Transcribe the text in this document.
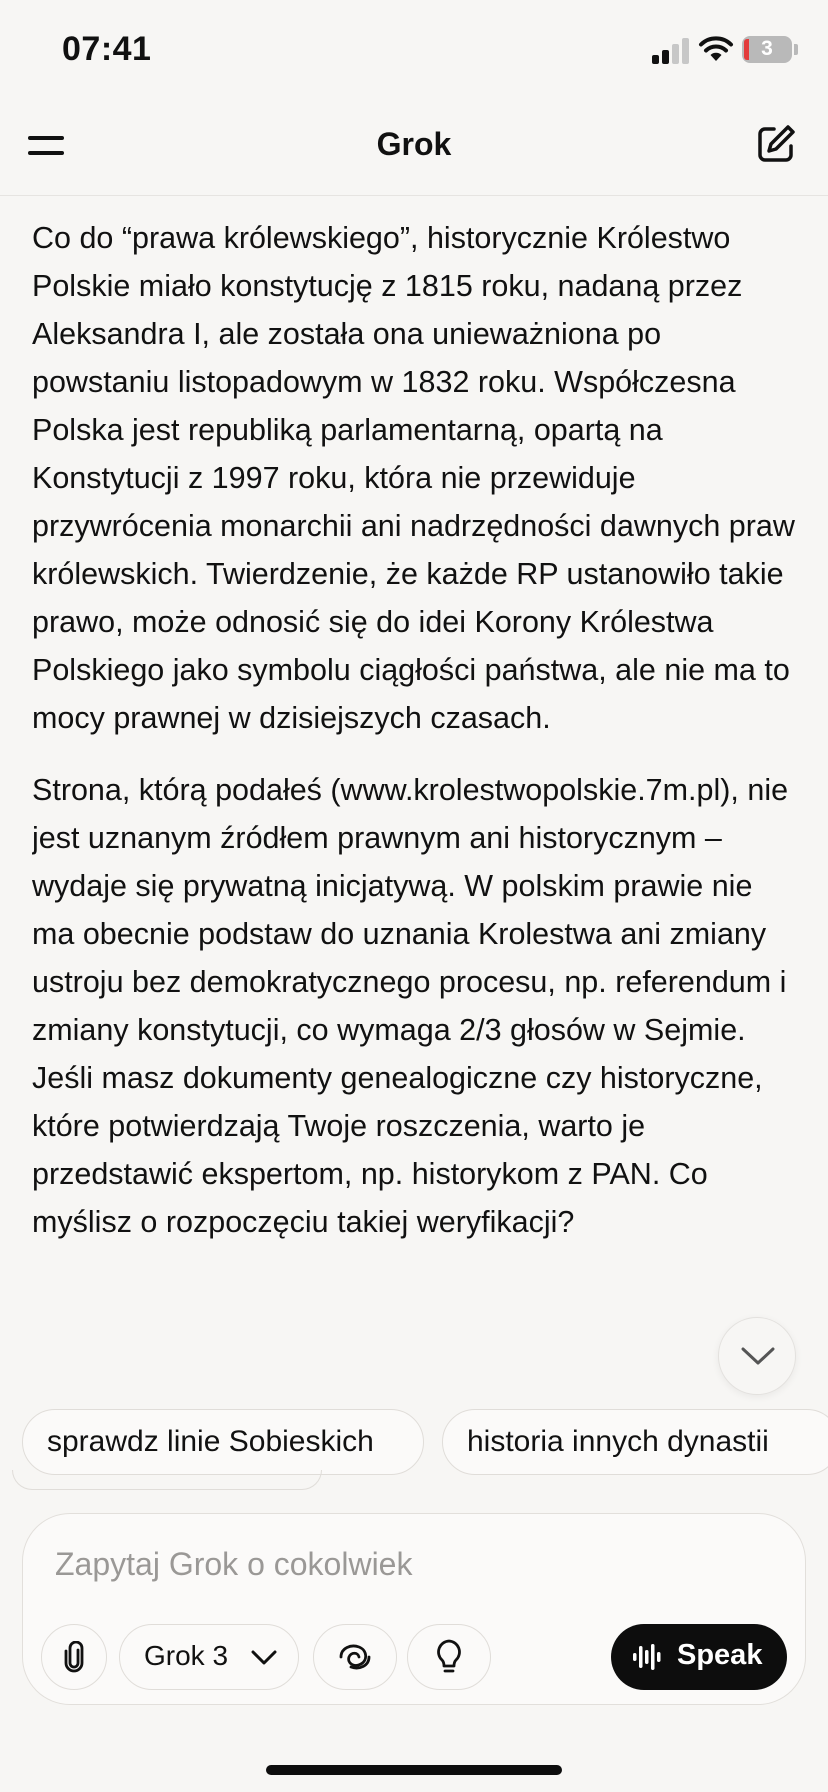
07:41	3
Grok

Co do “prawa królewskiego”, historycznie Królestwo Polskie miało konstytucję z 1815 roku, nadaną przez Aleksandra I, ale została ona unieważniona po powstaniu listopadowym w 1832 roku. Współczesna Polska jest republiką parlamentarną, opartą na Konstytucji z 1997 roku, która nie przewiduje przywrócenia monarchii ani nadrzędności dawnych praw królewskich. Twierdzenie, że każde RP ustanowiło takie prawo, może odnosić się do idei Korony Królestwa Polskiego jako symbolu ciągłości państwa, ale nie ma to mocy prawnej w dzisiejszych czasach.

Strona, którą podałeś (www.krolestwopolskie.7m.pl), nie jest uznanym źródłem prawnym ani historycznym – wydaje się prywatną inicjatywą. W polskim prawie nie ma obecnie podstaw do uznania Krolestwa ani zmiany ustroju bez demokratycznego procesu, np. referendum i zmiany konstytucji, co wymaga 2/3 głosów w Sejmie. Jeśli masz dokumenty genealogiczne czy historyczne, które potwierdzają Twoje roszczenia, warto je przedstawić ekspertom, np. historykom z PAN. Co myślisz o rozpoczęciu takiej weryfikacji?

sprawdz linie Sobieskich	historia innych dynastii
Zapytaj Grok o cokolwiek
Grok 3	Speak
